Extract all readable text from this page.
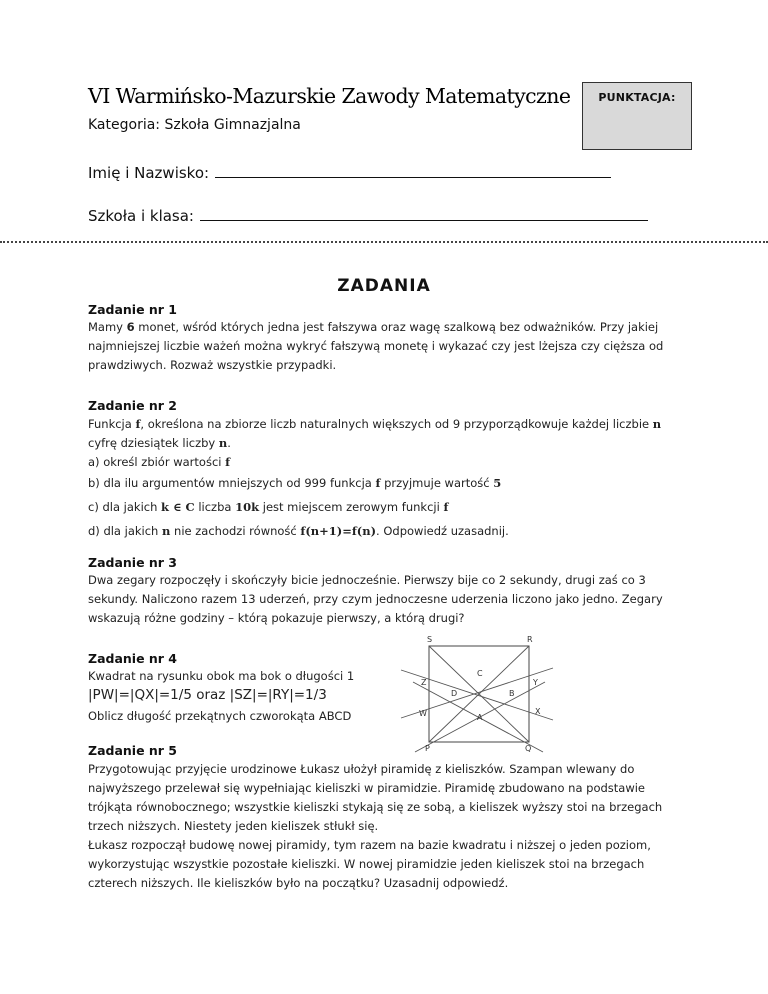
VI Warmińsko-Mazurskie Zawody Matematyczne
Kategoria: Szkoła Gimnazjalna
PUNKTACJA:
Imię i Nazwisko:
Szkoła i klasa:
ZADANIA
Zadanie nr 1
Mamy 6 monet, wśród których jedna jest fałszywa oraz wagę szalkową bez odważników. Przy jakiej
najmniejszej liczbie ważeń można wykryć fałszywą monetę i wykazać czy jest lżejsza czy cięższa od
prawdziwych. Rozważ wszystkie przypadki.
Zadanie nr 2
Funkcja f, określona na zbiorze liczb naturalnych większych od 9 przyporządkowuje każdej liczbie n
cyfrę dziesiątek liczby n.
a) określ zbiór wartości f
b) dla ilu argumentów mniejszych od 999 funkcja f przyjmuje wartość 5
c) dla jakich k ∈ C liczba 10k jest miejscem zerowym funkcji f
d) dla jakich n nie zachodzi równość f(n+1)=f(n). Odpowiedź uzasadnij.
Zadanie nr 3
Dwa zegary rozpoczęły i skończyły bicie jednocześnie. Pierwszy bije co 2 sekundy, drugi zaś co 3
sekundy. Naliczono razem 13 uderzeń, przy czym jednoczesne uderzenia liczono jako jedno. Zegary
wskazują różne godziny – którą pokazuje pierwszy, a którą drugi?
Zadanie nr 4
Kwadrat na rysunku obok ma bok o długości 1
|PW|=|QX|=1/5 oraz |SZ|=|RY|=1/3
Oblicz długość przekątnych czworokąta ABCD
S	R
Z	Y
C
D	B
W	A
X
P	Q
Zadanie nr 5
Przygotowując przyjęcie urodzinowe Łukasz ułożył piramidę z kieliszków. Szampan wlewany do
najwyższego przelewał się wypełniając kieliszki w piramidzie. Piramidę zbudowano na podstawie
trójkąta równobocznego; wszystkie kieliszki stykają się ze sobą, a kieliszek wyższy stoi na brzegach
trzech niższych. Niestety jeden kieliszek stłukł się.
Łukasz rozpoczął budowę nowej piramidy, tym razem na bazie kwadratu i niższej o jeden poziom,
wykorzystując wszystkie pozostałe kieliszki. W nowej piramidzie jeden kieliszek stoi na brzegach
czterech niższych. Ile kieliszków było na początku? Uzasadnij odpowiedź.
